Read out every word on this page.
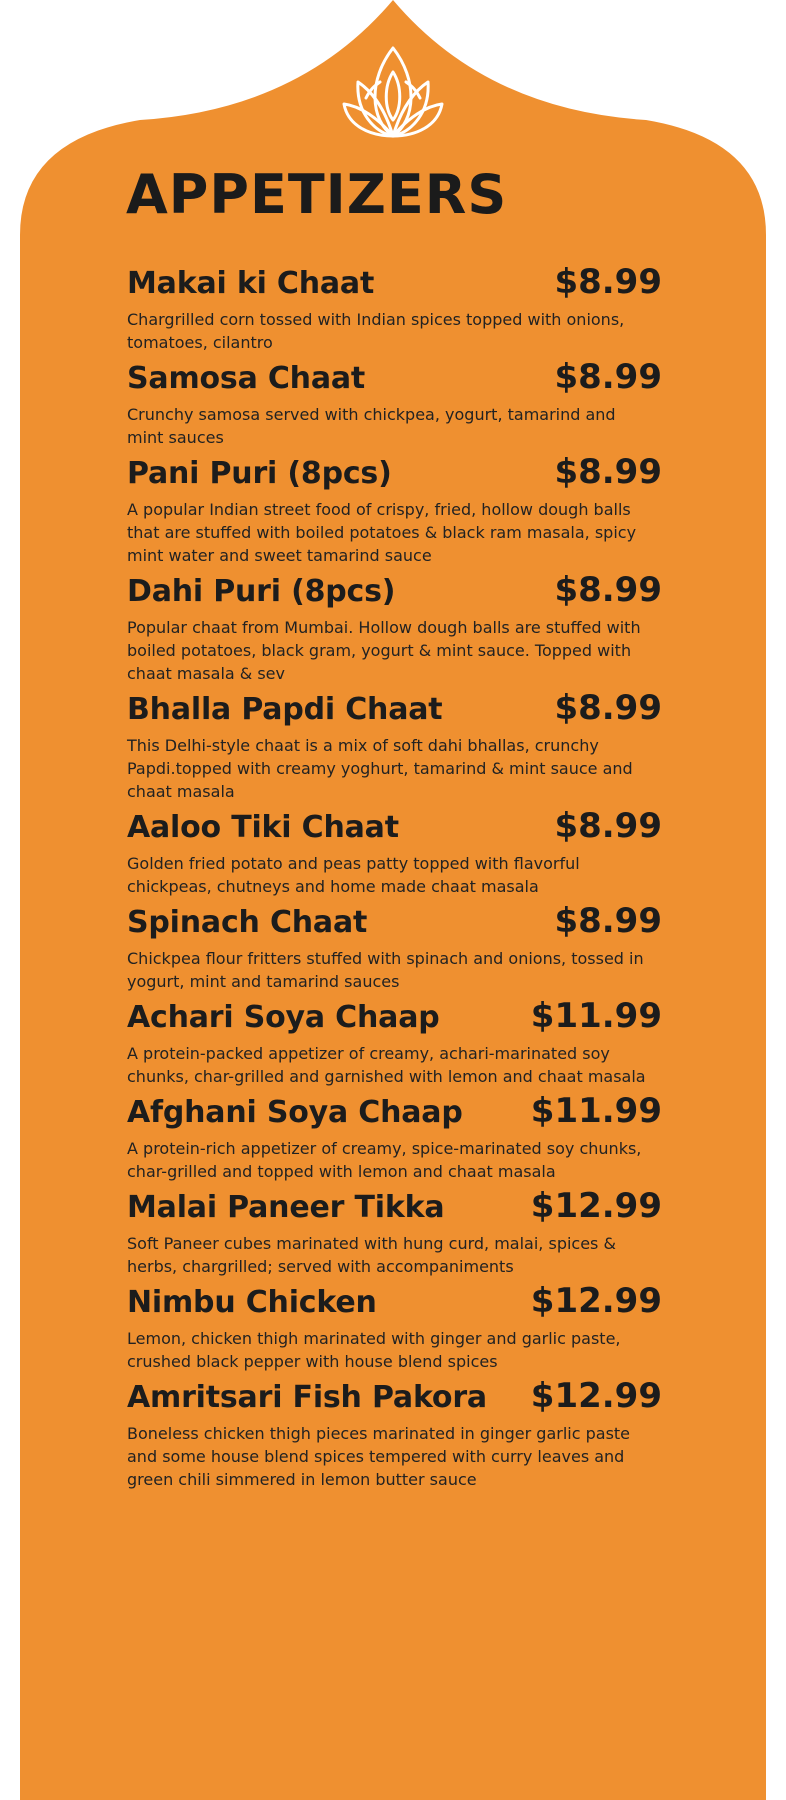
APPETIZERS
Makai ki Chaat	$8.99
Chargrilled corn tossed with Indian spices topped with onions, tomatoes, cilantro
Samosa Chaat	$8.99
Crunchy samosa served with chickpea, yogurt, tamarind and mint sauces
Pani Puri (8pcs)	$8.99
A popular Indian street food of crispy, fried, hollow dough balls that are stuffed with boiled potatoes & black ram masala, spicy mint water and sweet tamarind sauce
Dahi Puri (8pcs)	$8.99
Popular chaat from Mumbai. Hollow dough balls are stuffed with boiled potatoes, black gram, yogurt & mint sauce. Topped with chaat masala & sev
Bhalla Papdi Chaat	$8.99
This Delhi-style chaat is a mix of soft dahi bhallas, crunchy Papdi.topped with creamy yoghurt, tamarind & mint sauce and chaat masala
Aaloo Tiki Chaat	$8.99
Golden fried potato and peas patty topped with flavorful chickpeas, chutneys and home made chaat masala
Spinach Chaat	$8.99
Chickpea flour fritters stuffed with spinach and onions, tossed in yogurt, mint and tamarind sauces
Achari Soya Chaap	$11.99
A protein-packed appetizer of creamy, achari-marinated soy chunks, char-grilled and garnished with lemon and chaat masala
Afghani Soya Chaap $11.99
A protein-rich appetizer of creamy, spice-marinated soy chunks, char-grilled and topped with lemon and chaat masala
Malai Paneer Tikka	$12.99
Soft Paneer cubes marinated with hung curd, malai, spices & herbs, chargrilled; served with accompaniments
Nimbu Chicken	$12.99
Lemon, chicken thigh marinated with ginger and garlic paste, crushed black pepper with house blend spices
Amritsari Fish Pakora $12.99
Boneless chicken thigh pieces marinated in ginger garlic paste and some house blend spices tempered with curry leaves and green chili simmered in lemon butter sauce
